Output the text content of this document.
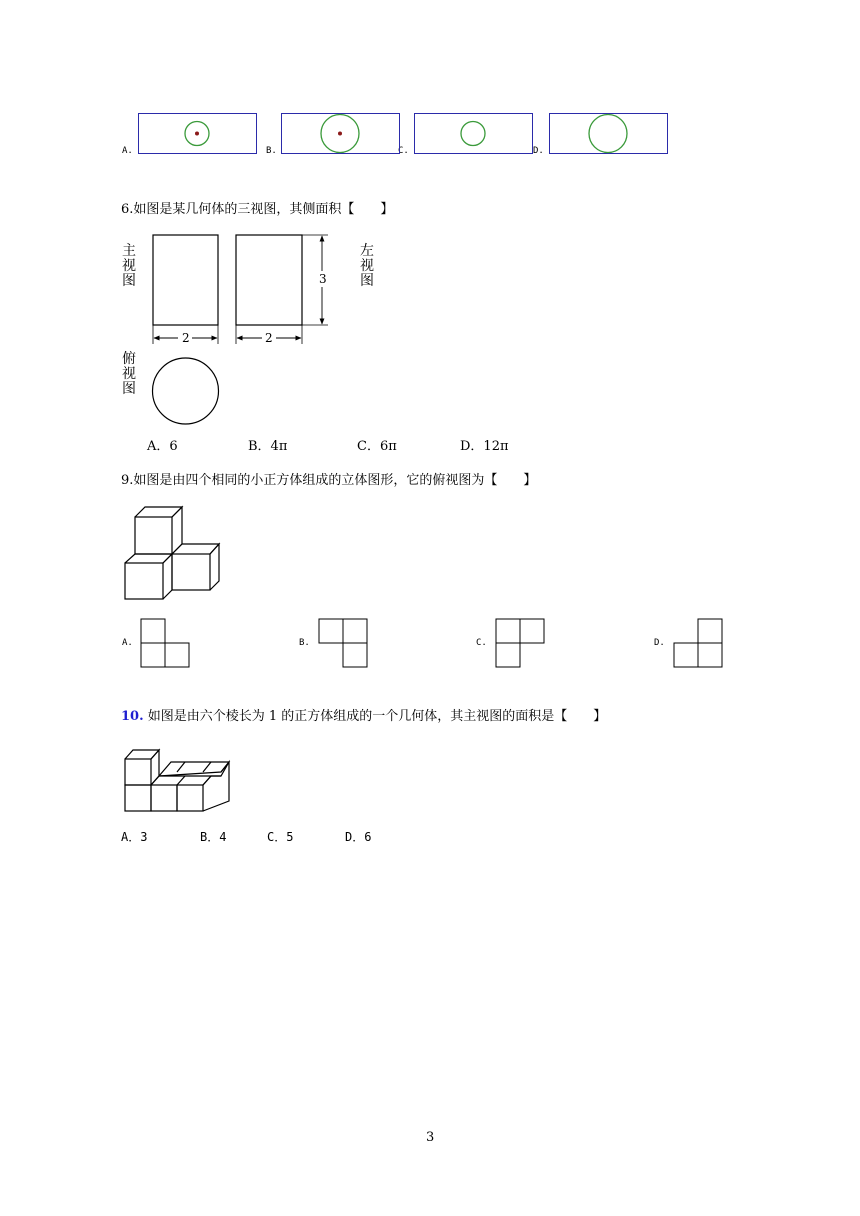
A.	B.	C.	D.
6.如图是某几何体的三视图，其侧面积【　　】
主视图
左视图
俯视图
2	2
3
A．6	B．4π	C．6π	D．12π
9.如图是由四个相同的小正方体组成的立体图形，它的俯视图为【　　】
A.	B.	C.	D.
10. 如图是由六个棱长为 1 的正方体组成的一个几何体，其主视图的面积是【　　】
A．3	B．4	C．5	D．6
3
